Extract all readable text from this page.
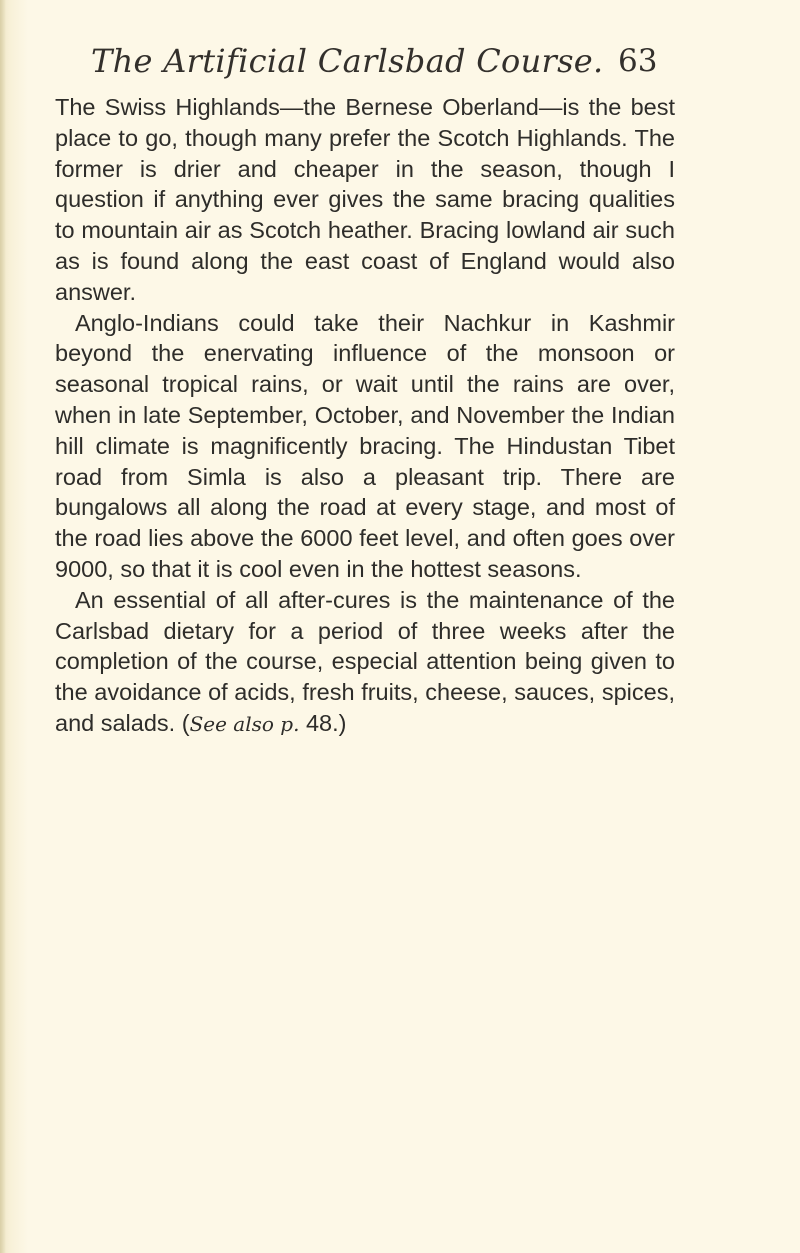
The Artificial Carlsbad Course. 63

The Swiss Highlands—the Bernese Oberland—is the best place to go, though many prefer the Scotch Highlands. The former is drier and cheaper in the season, though I question if anything ever gives the same bracing qualities to mountain air as Scotch heather. Bracing lowland air such as is found along the east coast of England would also answer.

Anglo-Indians could take their Nachkur in Kashmir beyond the enervating influence of the monsoon or seasonal tropical rains, or wait until the rains are over, when in late September, October, and November the Indian hill climate is magnificently bracing. The Hindustan Tibet road from Simla is also a pleasant trip. There are bungalows all along the road at every stage, and most of the road lies above the 6000 feet level, and often goes over 9000, so that it is cool even in the hottest seasons.

An essential of all after-cures is the maintenance of the Carlsbad dietary for a period of three weeks after the completion of the course, especial attention being given to the avoidance of acids, fresh fruits, cheese, sauces, spices, and salads. (See also p. 48.)
